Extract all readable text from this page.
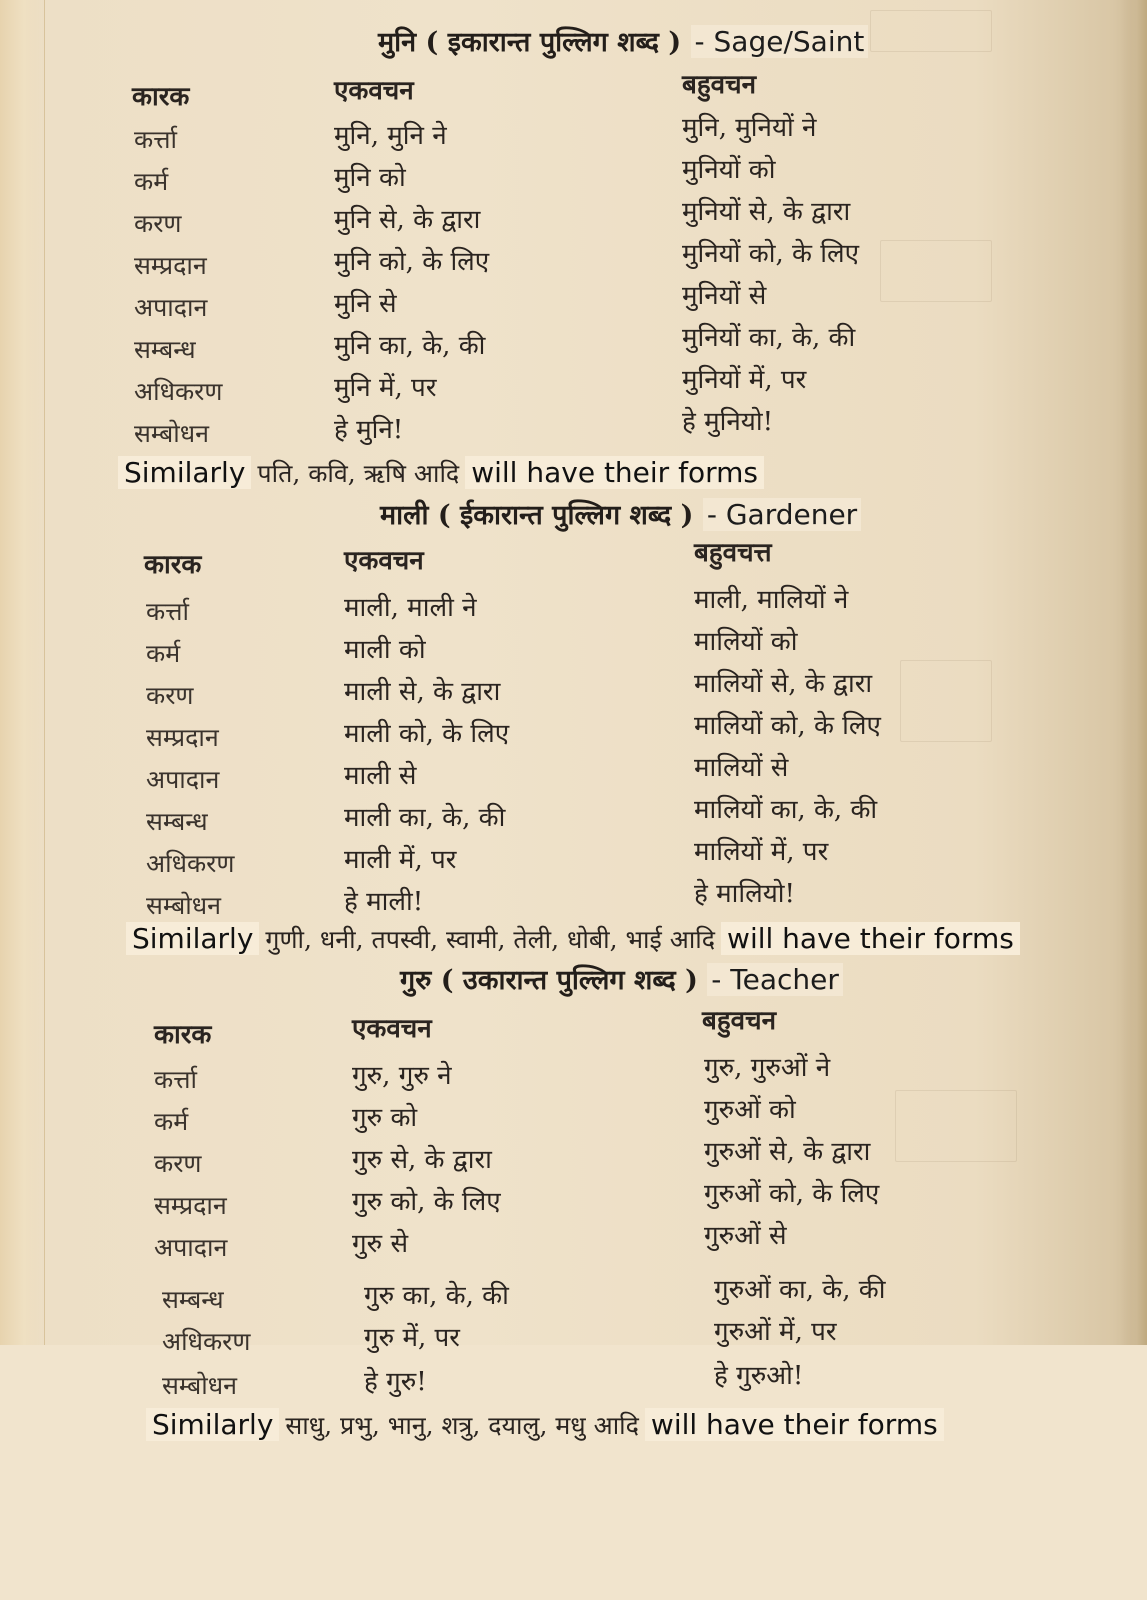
मुनि ( इकारान्त पुल्लिग शब्द ) - Sage/Saint
कारक	एकवचन	बहुवचन
कर्त्ता	मुनि, मुनि ने	मुनि, मुनियों ने
कर्म	मुनि को	मुनियों को
करण	मुनि से, के द्वारा	मुनियों से, के द्वारा
सम्प्रदान	मुनि को, के लिए	मुनियों को, के लिए
अपादान	मुनि से	मुनियों से
सम्बन्ध	मुनि का, के, की	मुनियों का, के, की
अधिकरण	मुनि में, पर	मुनियों में, पर
सम्बोधन	हे मुनि!	हे मुनियो!
Similarly पति, कवि, ऋषि आदि will have their forms
माली ( ईकारान्त पुल्लिग शब्द ) - Gardener
कारक	एकवचन	बहुवचत्त
कर्त्ता	माली, माली ने	माली, मालियों ने
कर्म	माली को	मालियों को
करण	माली से, के द्वारा	मालियों से, के द्वारा
सम्प्रदान	माली को, के लिए	मालियों को, के लिए
अपादान	माली से	मालियों से
सम्बन्ध	माली का, के, की	मालियों का, के, की
अधिकरण	माली में, पर	मालियों में, पर
सम्बोधन	हे माली!	हे मालियो!
Similarly गुणी, धनी, तपस्वी, स्वामी, तेली, धोबी, भाई आदि will have their forms
गुरु ( उकारान्त पुल्लिग शब्द ) - Teacher
कारक	एकवचन	बहुवचन
कर्त्ता	गुरु, गुरु ने	गुरु, गुरुओं ने
कर्म	गुरु को	गुरुओं को
करण	गुरु से, के द्वारा	गुरुओं से, के द्वारा
सम्प्रदान	गुरु को, के लिए	गुरुओं को, के लिए
अपादान	गुरु से	गुरुओं से
सम्बन्ध	गुरु का, के, की	गुरुओं का, के, की
अधिकरण	गुरु में, पर	गुरुओं में, पर
सम्बोधन	हे गुरु!	हे गुरुओ!
Similarly साधु, प्रभु, भानु, शत्रु, दयालु, मधु आदि will have their forms
